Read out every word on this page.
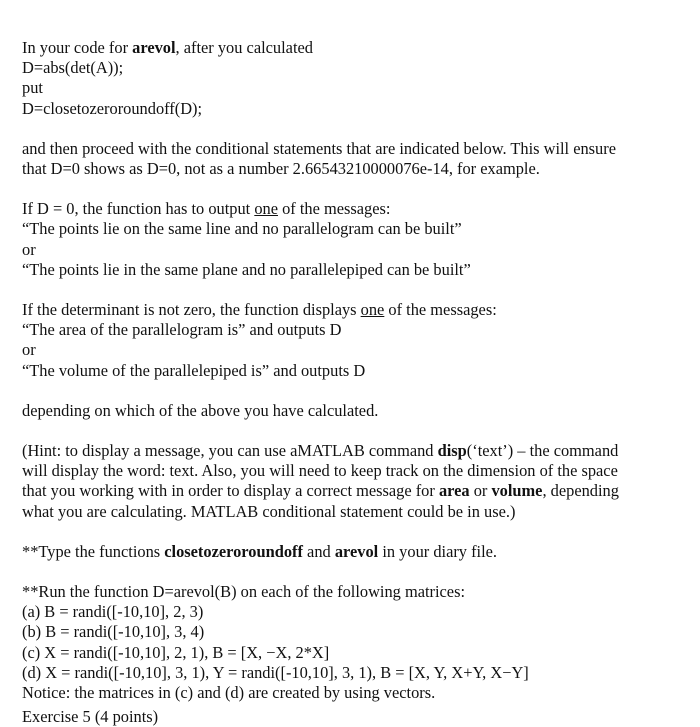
In your code for arevol, after you calculated
D=abs(det(A));
put
D=closetozeroroundoff(D);
and then proceed with the conditional statements that are indicated below. This will ensure
that D=0 shows as D=0, not as a number 2.66543210000076e-14, for example.
If D = 0, the function has to output one of the messages:
“The points lie on the same line and no parallelogram can be built”
or
“The points lie in the same plane and no parallelepiped can be built”
If the determinant is not zero, the function displays one of the messages:
“The area of the parallelogram is” and outputs D
or
“The volume of the parallelepiped is” and outputs D
depending on which of the above you have calculated.
(Hint: to display a message, you can use aMATLAB command disp(‘text’) – the command
will display the word: text. Also, you will need to keep track on the dimension of the space
that you working with in order to display a correct message for area or volume, depending
what you are calculating. MATLAB conditional statement could be in use.)
**Type the functions closetozeroroundoff and arevol in your diary file.
**Run the function D=arevol(B) on each of the following matrices:
(a) B = randi([-10,10], 2, 3)
(b) B = randi([-10,10], 3, 4)
(c) X = randi([-10,10], 2, 1), B = [X, −X, 2*X]
(d) X = randi([-10,10], 3, 1), Y = randi([-10,10], 3, 1), B = [X, Y, X+Y, X−Y]
Notice: the matrices in (c) and (d) are created by using vectors.
Exercise 5 (4 points)
